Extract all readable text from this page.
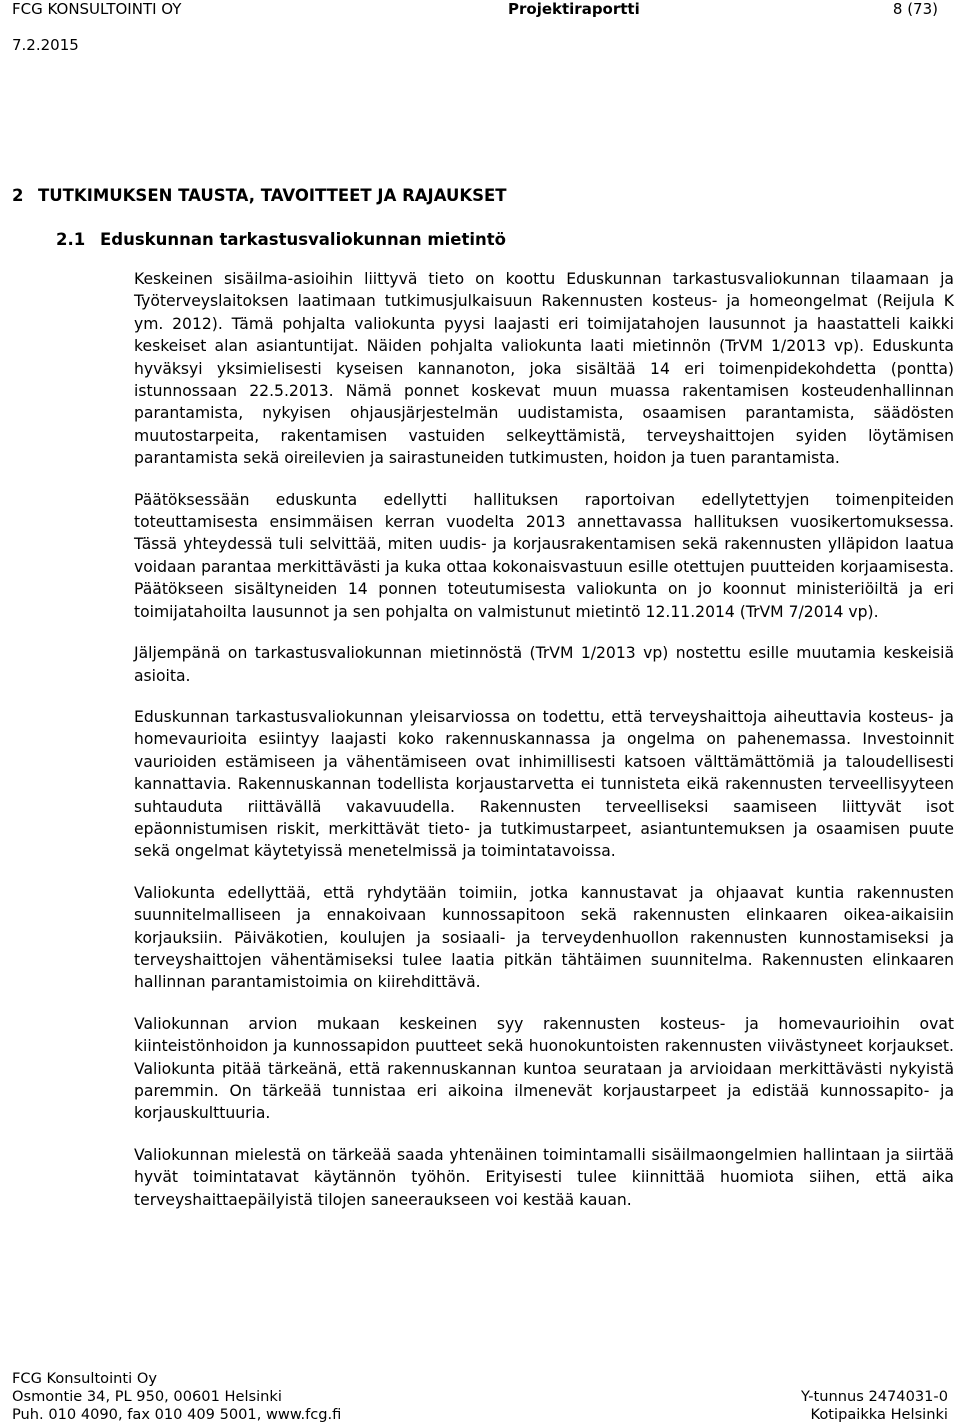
FCG KONSULTOINTI OY	Projektiraportti	8 (73)
7.2.2015
2 TUTKIMUKSEN TAUSTA, TAVOITTEET JA RAJAUKSET
2.1 Eduskunnan tarkastusvaliokunnan mietintö

Keskeinen sisäilma-asioihin liittyvä tieto on koottu Eduskunnan tarkastusvaliokunnan tilaamaan ja Työterveyslaitoksen laatimaan tutkimusjulkaisuun Rakennusten kosteus- ja homeongelmat (Reijula K ym. 2012). Tämä pohjalta valiokunta pyysi laajasti eri toimijatahojen lausunnot ja haastatteli kaikki keskeiset alan asiantuntijat. Näiden pohjalta valiokunta laati mietinnön (TrVM 1/2013 vp). Eduskunta hyväksyi yksimielisesti kyseisen kannanoton, joka sisältää 14 eri toimenpidekohdetta (pontta) istunnossaan 22.5.2013. Nämä ponnet koskevat muun muassa rakentamisen kosteudenhallinnan parantamista, nykyisen ohjausjärjestelmän uudistamista, osaamisen parantamista, säädösten muutostarpeita, rakentamisen vastuiden selkeyttämistä, terveyshaittojen syiden löytämisen parantamista sekä oireilevien ja sairastuneiden tutkimusten, hoidon ja tuen parantamista.

Päätöksessään eduskunta edellytti hallituksen raportoivan edellytettyjen toimenpiteiden toteuttamisesta ensimmäisen kerran vuodelta 2013 annettavassa hallituksen vuosikertomuksessa. Tässä yhteydessä tuli selvittää, miten uudis- ja korjausrakentamisen sekä rakennusten ylläpidon laatua voidaan parantaa merkittävästi ja kuka ottaa kokonaisvastuun esille otettujen puutteiden korjaamisesta. Päätökseen sisältyneiden 14 ponnen toteutumisesta valiokunta on jo koonnut ministeriöiltä ja eri toimijatahoilta lausunnot ja sen pohjalta on valmistunut mietintö 12.11.2014 (TrVM 7/2014 vp).

Jäljempänä on tarkastusvaliokunnan mietinnöstä (TrVM 1/2013 vp) nostettu esille muutamia keskeisiä asioita.

Eduskunnan tarkastusvaliokunnan yleisarviossa on todettu, että terveyshaittoja aiheuttavia kosteus- ja homevaurioita esiintyy laajasti koko rakennuskannassa ja ongelma on pahenemassa. Investoinnit vaurioiden estämiseen ja vähentämiseen ovat inhimillisesti katsoen välttämättömiä ja taloudellisesti kannattavia. Rakennuskannan todellista korjaustarvetta ei tunnisteta eikä rakennusten terveellisyyteen suhtauduta riittävällä vakavuudella. Rakennusten terveelliseksi saamiseen liittyvät isot epäonnistumisen riskit, merkittävät tieto- ja tutkimustarpeet, asiantuntemuksen ja osaamisen puute sekä ongelmat käytetyissä menetelmissä ja toimintatavoissa.

Valiokunta edellyttää, että ryhdytään toimiin, jotka kannustavat ja ohjaavat kuntia rakennusten suunnitelmalliseen ja ennakoivaan kunnossapitoon sekä rakennusten elinkaaren oikea-aikaisiin korjauksiin. Päiväkotien, koulujen ja sosiaali- ja terveydenhuollon rakennusten kunnostamiseksi ja terveyshaittojen vähentämiseksi tulee laatia pitkän tähtäimen suunnitelma. Rakennusten elinkaaren hallinnan parantamistoimia on kiirehdittävä.

Valiokunnan arvion mukaan keskeinen syy rakennusten kosteus- ja homevaurioihin ovat kiinteistönhoidon ja kunnossapidon puutteet sekä huonokuntoisten rakennusten viivästyneet korjaukset. Valiokunta pitää tärkeänä, että rakennuskannan kuntoa seurataan ja arvioidaan merkittävästi nykyistä paremmin. On tärkeää tunnistaa eri aikoina ilmenevät korjaustarpeet ja edistää kunnossapito- ja korjauskulttuuria.

Valiokunnan mielestä on tärkeää saada yhtenäinen toimintamalli sisäilmaongelmien hallintaan ja siirtää hyvät toimintatavat käytännön työhön. Erityisesti tulee kiinnittää huomiota siihen, että aika terveyshaittaepäilyistä tilojen saneeraukseen voi kestää kauan.

FCG Konsultointi Oy
Osmontie 34, PL 950, 00601 Helsinki
Puh. 010 4090, fax 010 409 5001, www.fcg.fi
Y-tunnus 2474031-0
Kotipaikka Helsinki
